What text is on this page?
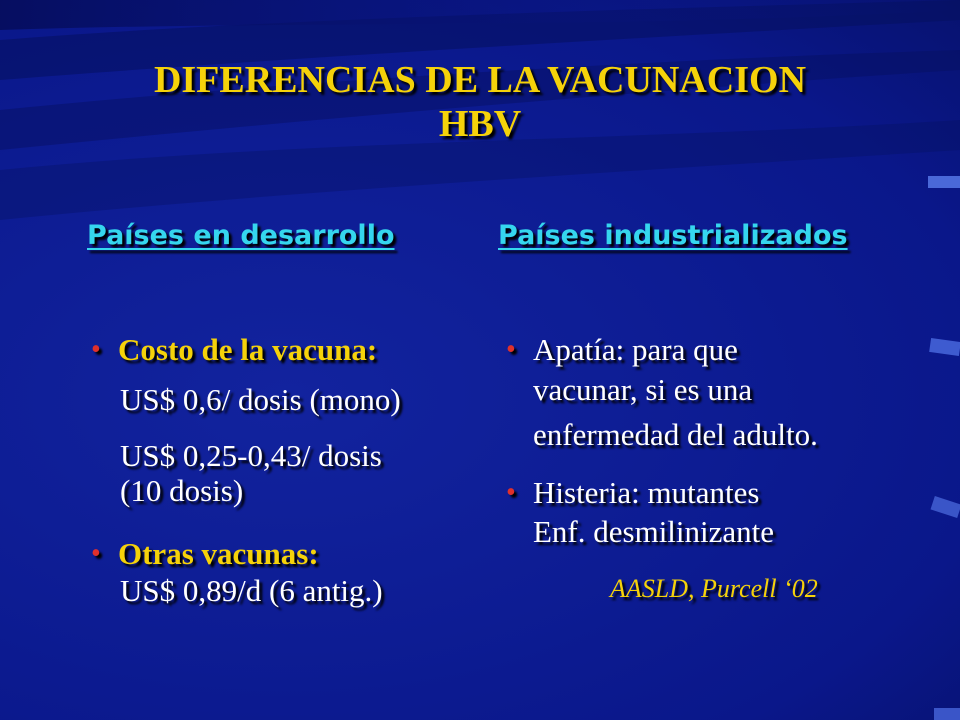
DIFERENCIAS DE LA VACUNACION
HBV
Países en desarrollo	Países industrializados
• Costo de la vacuna:
US$ 0,6/ dosis (mono)
US$ 0,25-0,43/ dosis
(10 dosis)
• Otras vacunas:
US$ 0,89/d (6 antig.)
• Apatía: para que
vacunar, si es una
enfermedad del adulto.
• Histeria: mutantes
Enf. desmilinizante
AASLD, Purcell ‘02
